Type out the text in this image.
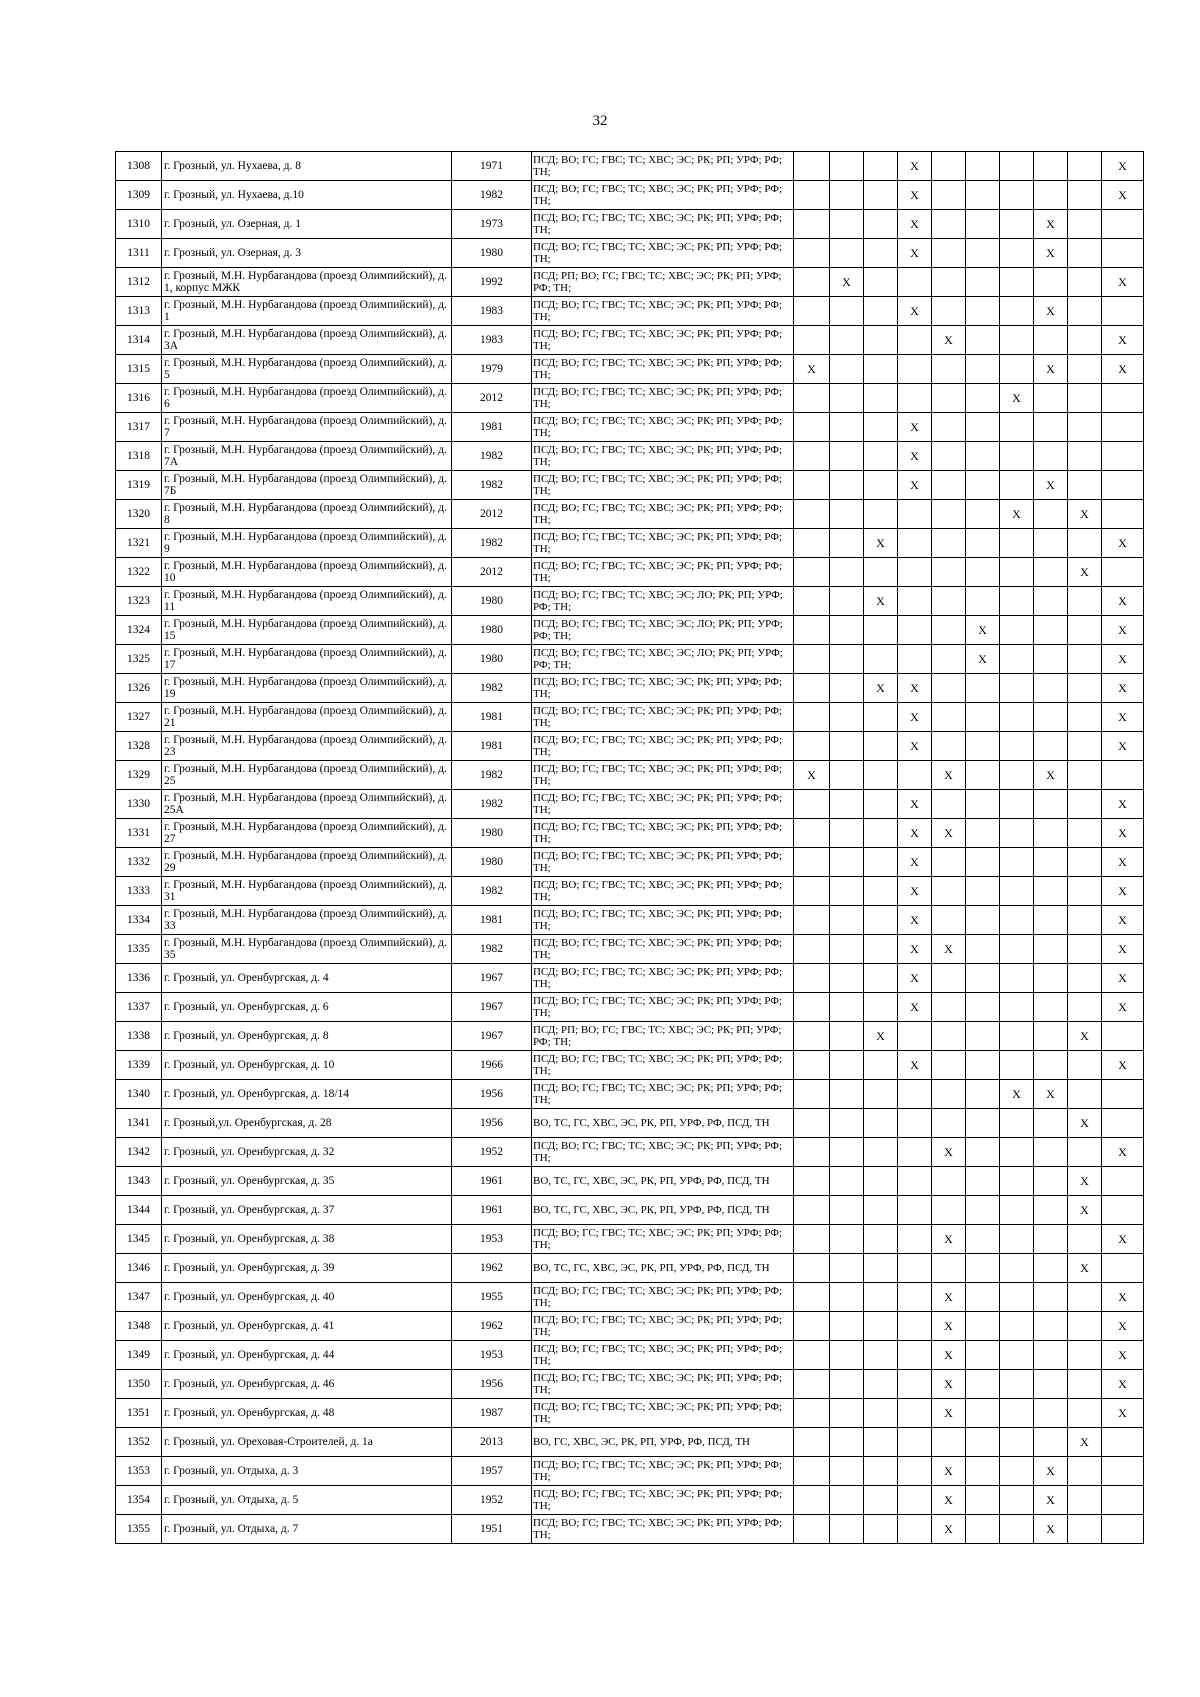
32
1308	г. Грозный, ул. Нухаева, д. 8	1971	ПСД; ВО; ГС; ГВС; ТС; ХВС; ЭС; РК; РП; УРФ; РФ; ТН;				X						X
1309	г. Грозный, ул. Нухаева, д.10	1982	ПСД; ВО; ГС; ГВС; ТС; ХВС; ЭС; РК; РП; УРФ; РФ; ТН;				X						X
1310	г. Грозный, ул. Озерная, д. 1	1973	ПСД; ВО; ГС; ГВС; ТС; ХВС; ЭС; РК; РП; УРФ; РФ; ТН;				X				X		
1311	г. Грозный, ул. Озерная, д. 3	1980	ПСД; ВО; ГС; ГВС; ТС; ХВС; ЭС; РК; РП; УРФ; РФ; ТН;				X				X		
1312	г. Грозный, М.Н. Нурбагандова (проезд Олимпийский), д. 1, корпус МЖК	1992	ПСД; РП; ВО; ГС; ГВС; ТС; ХВС; ЭС; РК; РП; УРФ; РФ; ТН;		X								X
1313	г. Грозный, М.Н. Нурбагандова (проезд Олимпийский), д. 1	1983	ПСД; ВО; ГС; ГВС; ТС; ХВС; ЭС; РК; РП; УРФ; РФ; ТН;				X				X		
1314	г. Грозный, М.Н. Нурбагандова (проезд Олимпийский), д. 3А	1983	ПСД; ВО; ГС; ГВС; ТС; ХВС; ЭС; РК; РП; УРФ; РФ; ТН;					X					X
1315	г. Грозный, М.Н. Нурбагандова (проезд Олимпийский), д. 5	1979	ПСД; ВО; ГС; ГВС; ТС; ХВС; ЭС; РК; РП; УРФ; РФ; ТН;	X							X		X
1316	г. Грозный, М.Н. Нурбагандова (проезд Олимпийский), д. 6	2012	ПСД; ВО; ГС; ГВС; ТС; ХВС; ЭС; РК; РП; УРФ; РФ; ТН;							X			
1317	г. Грозный, М.Н. Нурбагандова (проезд Олимпийский), д. 7	1981	ПСД; ВО; ГС; ГВС; ТС; ХВС; ЭС; РК; РП; УРФ; РФ; ТН;				X						
1318	г. Грозный, М.Н. Нурбагандова (проезд Олимпийский), д. 7А	1982	ПСД; ВО; ГС; ГВС; ТС; ХВС; ЭС; РК; РП; УРФ; РФ; ТН;				X						
1319	г. Грозный, М.Н. Нурбагандова (проезд Олимпийский), д. 7Б	1982	ПСД; ВО; ГС; ГВС; ТС; ХВС; ЭС; РК; РП; УРФ; РФ; ТН;				X				X		
1320	г. Грозный, М.Н. Нурбагандова (проезд Олимпийский), д. 8	2012	ПСД; ВО; ГС; ГВС; ТС; ХВС; ЭС; РК; РП; УРФ; РФ; ТН;							X		X	
1321	г. Грозный, М.Н. Нурбагандова (проезд Олимпийский), д. 9	1982	ПСД; ВО; ГС; ГВС; ТС; ХВС; ЭС; РК; РП; УРФ; РФ; ТН;			X							X
1322	г. Грозный, М.Н. Нурбагандова (проезд Олимпийский), д. 10	2012	ПСД; ВО; ГС; ГВС; ТС; ХВС; ЭС; РК; РП; УРФ; РФ; ТН;									X	
1323	г. Грозный, М.Н. Нурбагандова (проезд Олимпийский), д. 11	1980	ПСД; ВО; ГС; ГВС; ТС; ХВС; ЭС; ЛО; РК; РП; УРФ; РФ; ТН;			X							X
1324	г. Грозный, М.Н. Нурбагандова (проезд Олимпийский), д. 15	1980	ПСД; ВО; ГС; ГВС; ТС; ХВС; ЭС; ЛО; РК; РП; УРФ; РФ; ТН;						X				X
1325	г. Грозный, М.Н. Нурбагандова (проезд Олимпийский), д. 17	1980	ПСД; ВО; ГС; ГВС; ТС; ХВС; ЭС; ЛО; РК; РП; УРФ; РФ; ТН;						X				X
1326	г. Грозный, М.Н. Нурбагандова (проезд Олимпийский), д. 19	1982	ПСД; ВО; ГС; ГВС; ТС; ХВС; ЭС; РК; РП; УРФ; РФ; ТН;			X	X						X
1327	г. Грозный, М.Н. Нурбагандова (проезд Олимпийский), д. 21	1981	ПСД; ВО; ГС; ГВС; ТС; ХВС; ЭС; РК; РП; УРФ; РФ; ТН;				X						X
1328	г. Грозный, М.Н. Нурбагандова (проезд Олимпийский), д. 23	1981	ПСД; ВО; ГС; ГВС; ТС; ХВС; ЭС; РК; РП; УРФ; РФ; ТН;				X						X
1329	г. Грозный, М.Н. Нурбагандова (проезд Олимпийский), д. 25	1982	ПСД; ВО; ГС; ГВС; ТС; ХВС; ЭС; РК; РП; УРФ; РФ; ТН;	X				X			X		
1330	г. Грозный, М.Н. Нурбагандова (проезд Олимпийский), д. 25А	1982	ПСД; ВО; ГС; ГВС; ТС; ХВС; ЭС; РК; РП; УРФ; РФ; ТН;				X						X
1331	г. Грозный, М.Н. Нурбагандова (проезд Олимпийский), д. 27	1980	ПСД; ВО; ГС; ГВС; ТС; ХВС; ЭС; РК; РП; УРФ; РФ; ТН;				X	X					X
1332	г. Грозный, М.Н. Нурбагандова (проезд Олимпийский), д. 29	1980	ПСД; ВО; ГС; ГВС; ТС; ХВС; ЭС; РК; РП; УРФ; РФ; ТН;				X						X
1333	г. Грозный, М.Н. Нурбагандова (проезд Олимпийский), д. 31	1982	ПСД; ВО; ГС; ГВС; ТС; ХВС; ЭС; РК; РП; УРФ; РФ; ТН;				X						X
1334	г. Грозный, М.Н. Нурбагандова (проезд Олимпийский), д. 33	1981	ПСД; ВО; ГС; ГВС; ТС; ХВС; ЭС; РК; РП; УРФ; РФ; ТН;				X						X
1335	г. Грозный, М.Н. Нурбагандова (проезд Олимпийский), д. 35	1982	ПСД; ВО; ГС; ГВС; ТС; ХВС; ЭС; РК; РП; УРФ; РФ; ТН;				X	X					X
1336	г. Грозный, ул. Оренбургская, д. 4	1967	ПСД; ВО; ГС; ГВС; ТС; ХВС; ЭС; РК; РП; УРФ; РФ; ТН;				X						X
1337	г. Грозный, ул. Оренбургская, д. 6	1967	ПСД; ВО; ГС; ГВС; ТС; ХВС; ЭС; РК; РП; УРФ; РФ; ТН;				X						X
1338	г. Грозный, ул. Оренбургская, д. 8	1967	ПСД; РП; ВО; ГС; ГВС; ТС; ХВС; ЭС; РК; РП; УРФ; РФ; ТН;			X						X	
1339	г. Грозный, ул. Оренбургская, д. 10	1966	ПСД; ВО; ГС; ГВС; ТС; ХВС; ЭС; РК; РП; УРФ; РФ; ТН;				X						X
1340	г. Грозный, ул. Оренбургская, д. 18/14	1956	ПСД; ВО; ГС; ГВС; ТС; ХВС; ЭС; РК; РП; УРФ; РФ; ТН;							X	X		
1341	г. Грозный,ул. Оренбургская, д. 28	1956	ВО, ТС, ГС, ХВС, ЭС, РК, РП, УРФ, РФ, ПСД, ТН									X	
1342	г. Грозный, ул. Оренбургская, д. 32	1952	ПСД; ВО; ГС; ГВС; ТС; ХВС; ЭС; РК; РП; УРФ; РФ; ТН;					X					X
1343	г. Грозный, ул. Оренбургская, д. 35	1961	ВО, ТС, ГС, ХВС, ЭС, РК, РП, УРФ, РФ, ПСД, ТН									X	
1344	г. Грозный, ул. Оренбургская, д. 37	1961	ВО, ТС, ГС, ХВС, ЭС, РК, РП, УРФ, РФ, ПСД, ТН									X	
1345	г. Грозный, ул. Оренбургская, д. 38	1953	ПСД; ВО; ГС; ГВС; ТС; ХВС; ЭС; РК; РП; УРФ; РФ; ТН;					X					X
1346	г. Грозный, ул. Оренбургская, д. 39	1962	ВО, ТС, ГС, ХВС, ЭС, РК, РП, УРФ, РФ, ПСД, ТН									X	
1347	г. Грозный, ул. Оренбургская, д. 40	1955	ПСД; ВО; ГС; ГВС; ТС; ХВС; ЭС; РК; РП; УРФ; РФ; ТН;					X					X
1348	г. Грозный, ул. Оренбургская, д. 41	1962	ПСД; ВО; ГС; ГВС; ТС; ХВС; ЭС; РК; РП; УРФ; РФ; ТН;					X					X
1349	г. Грозный, ул. Оренбургская, д. 44	1953	ПСД; ВО; ГС; ГВС; ТС; ХВС; ЭС; РК; РП; УРФ; РФ; ТН;					X					X
1350	г. Грозный, ул. Оренбургская, д. 46	1956	ПСД; ВО; ГС; ГВС; ТС; ХВС; ЭС; РК; РП; УРФ; РФ; ТН;					X					X
1351	г. Грозный, ул. Оренбургская, д. 48	1987	ПСД; ВО; ГС; ГВС; ТС; ХВС; ЭС; РК; РП; УРФ; РФ; ТН;					X					X
1352	г. Грозный, ул. Ореховая-Строителей, д. 1а	2013	ВО, ГС, ХВС, ЭС, РК, РП, УРФ, РФ, ПСД, ТН									X	
1353	г. Грозный, ул. Отдыха, д. 3	1957	ПСД; ВО; ГС; ГВС; ТС; ХВС; ЭС; РК; РП; УРФ; РФ; ТН;					X			X		
1354	г. Грозный, ул. Отдыха, д. 5	1952	ПСД; ВО; ГС; ГВС; ТС; ХВС; ЭС; РК; РП; УРФ; РФ; ТН;					X			X		
1355	г. Грозный, ул. Отдыха, д. 7	1951	ПСД; ВО; ГС; ГВС; ТС; ХВС; ЭС; РК; РП; УРФ; РФ; ТН;					X			X		
